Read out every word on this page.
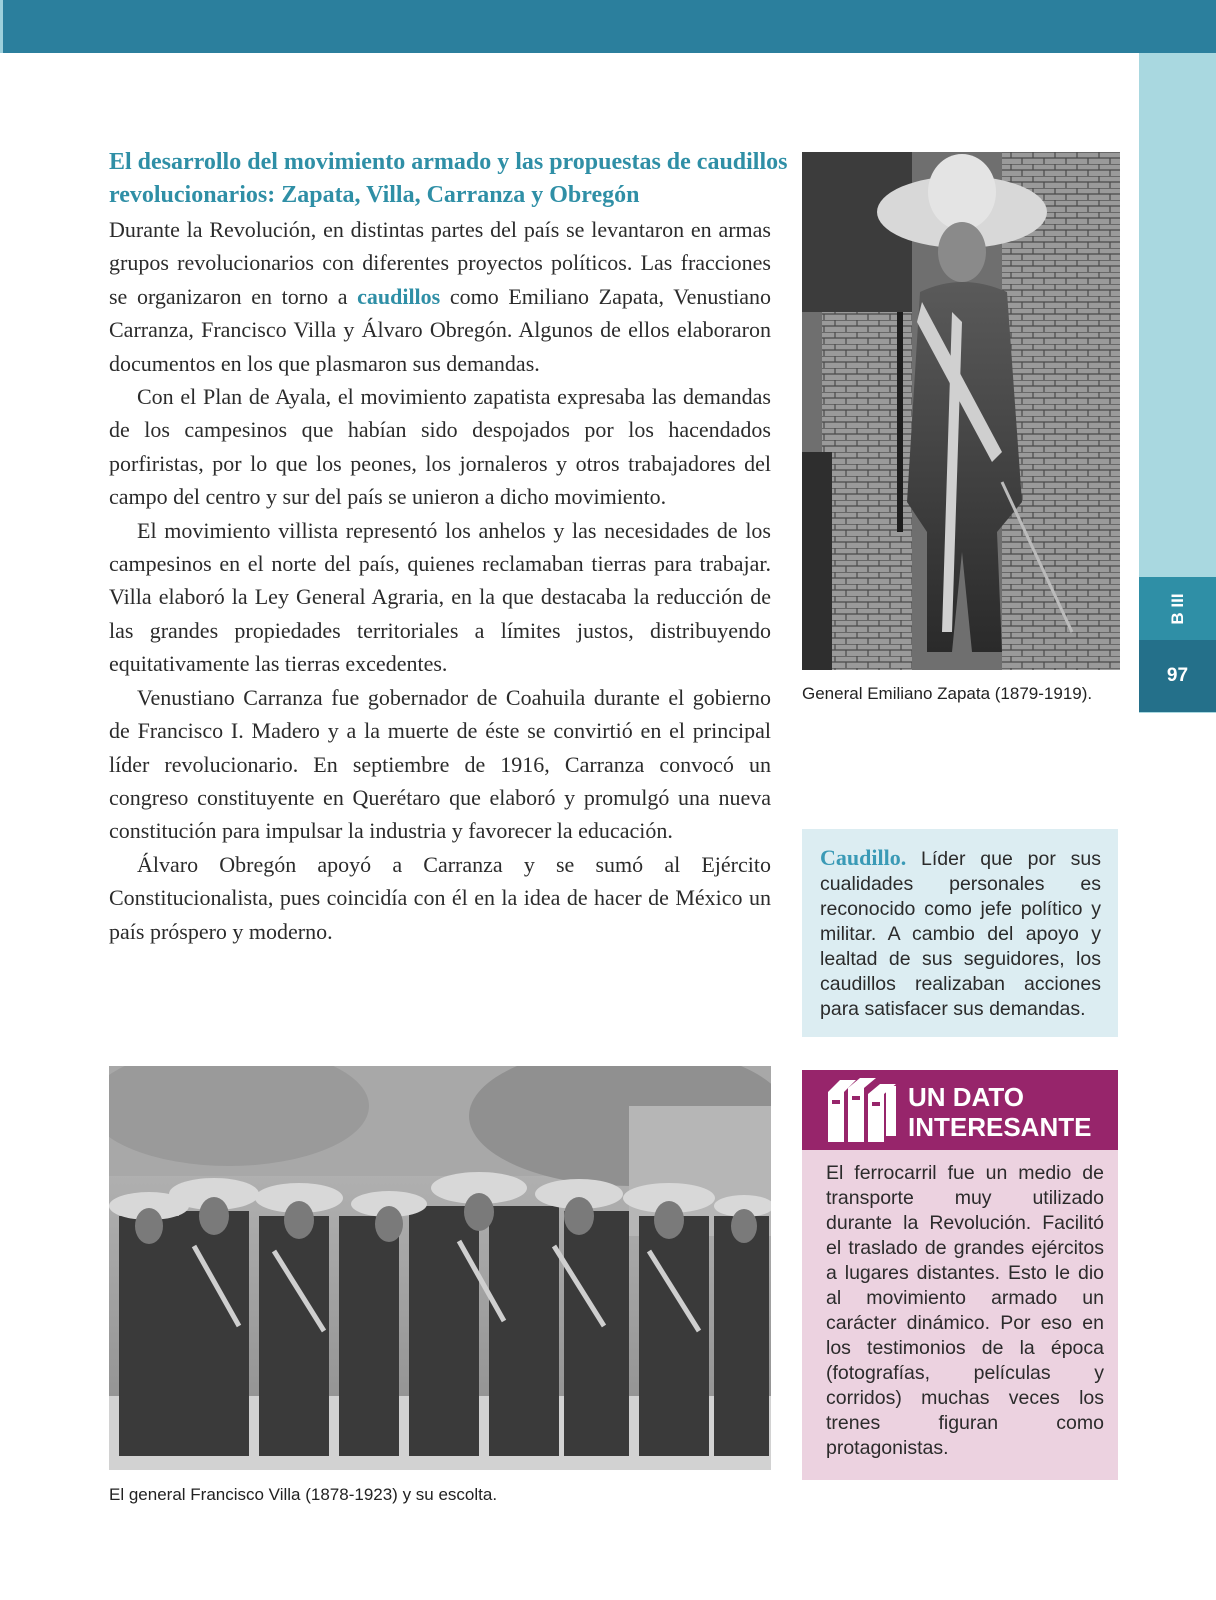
B III
97
El desarrollo del movimiento armado y las propuestas de caudillos revolucionarios: Zapata, Villa, Carranza y Obregón

Durante la Revolución, en distintas partes del país se levantaron en armas grupos revolucionarios con diferentes proyectos políticos. Las fracciones se organizaron en torno a caudillos como Emiliano Zapata, Venustiano Carranza, Francisco Villa y Álvaro Obregón. Algunos de ellos elaboraron documentos en los que plasmaron sus demandas.

Con el Plan de Ayala, el movimiento zapatista expresaba las demandas de los campesinos que habían sido despojados por los hacendados porfiristas, por lo que los peones, los jornaleros y otros trabajadores del campo del centro y sur del país se unieron a dicho movimiento.

El movimiento villista representó los anhelos y las necesidades de los campesinos en el norte del país, quienes reclamaban tierras para trabajar. Villa elaboró la Ley General Agraria, en la que destacaba la reducción de las grandes propiedades territoriales a límites justos, distribuyendo equitativamente las tierras excedentes.

Venustiano Carranza fue gobernador de Coahuila durante el gobierno de Francisco I. Madero y a la muerte de éste se convirtió en el principal líder revolucionario. En septiembre de 1916, Carranza convocó un congreso constituyente en Querétaro que elaboró y promulgó una nueva constitución para impulsar la industria y favorecer la educación.

Álvaro Obregón apoyó a Carranza y se sumó al Ejército Constitucionalista, pues coincidía con él en la idea de hacer de México un país próspero y moderno.

General Emiliano Zapata (1879-1919).
El general Francisco Villa (1878-1923) y su escolta.
Caudillo. Líder que por sus cualidades personales es reconocido como jefe político y militar. A cambio del apoyo y lealtad de sus seguidores, los caudillos realizaban acciones para satisfacer sus demandas.
UN DATO INTERESANTE
El ferrocarril fue un medio de transporte muy utilizado durante la Revolución. Facilitó el traslado de grandes ejércitos a lugares distantes. Esto le dio al movimiento armado un carácter dinámico. Por eso en los testimonios de la época (fotografías, películas y corridos) muchas veces los trenes figuran como protagonistas.
